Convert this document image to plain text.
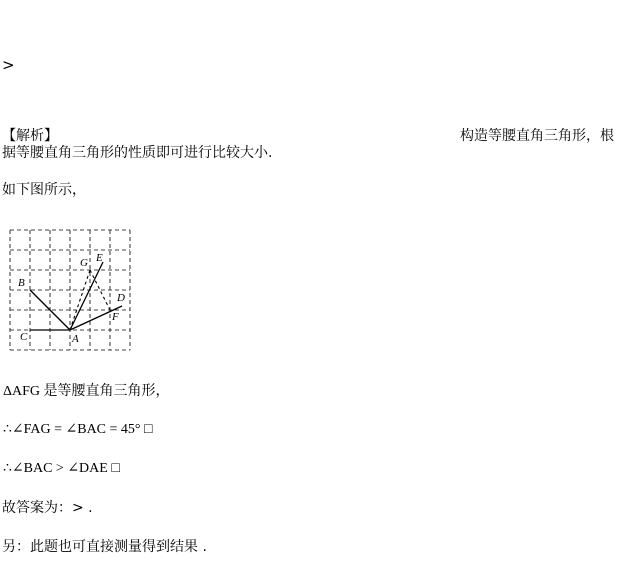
>
【解析】	构造等腰直角三角形，根
据等腰直角三角形的性质即可进行比较大小.
如下图所示，
B
C	A
G E
D
F
ΔAFG 是等腰直角三角形，
∴∠FAG = ∠BAC = 45° □
∴∠BAC > ∠DAE □
故答案为：> .
另：此题也可直接测量得到结果 .
